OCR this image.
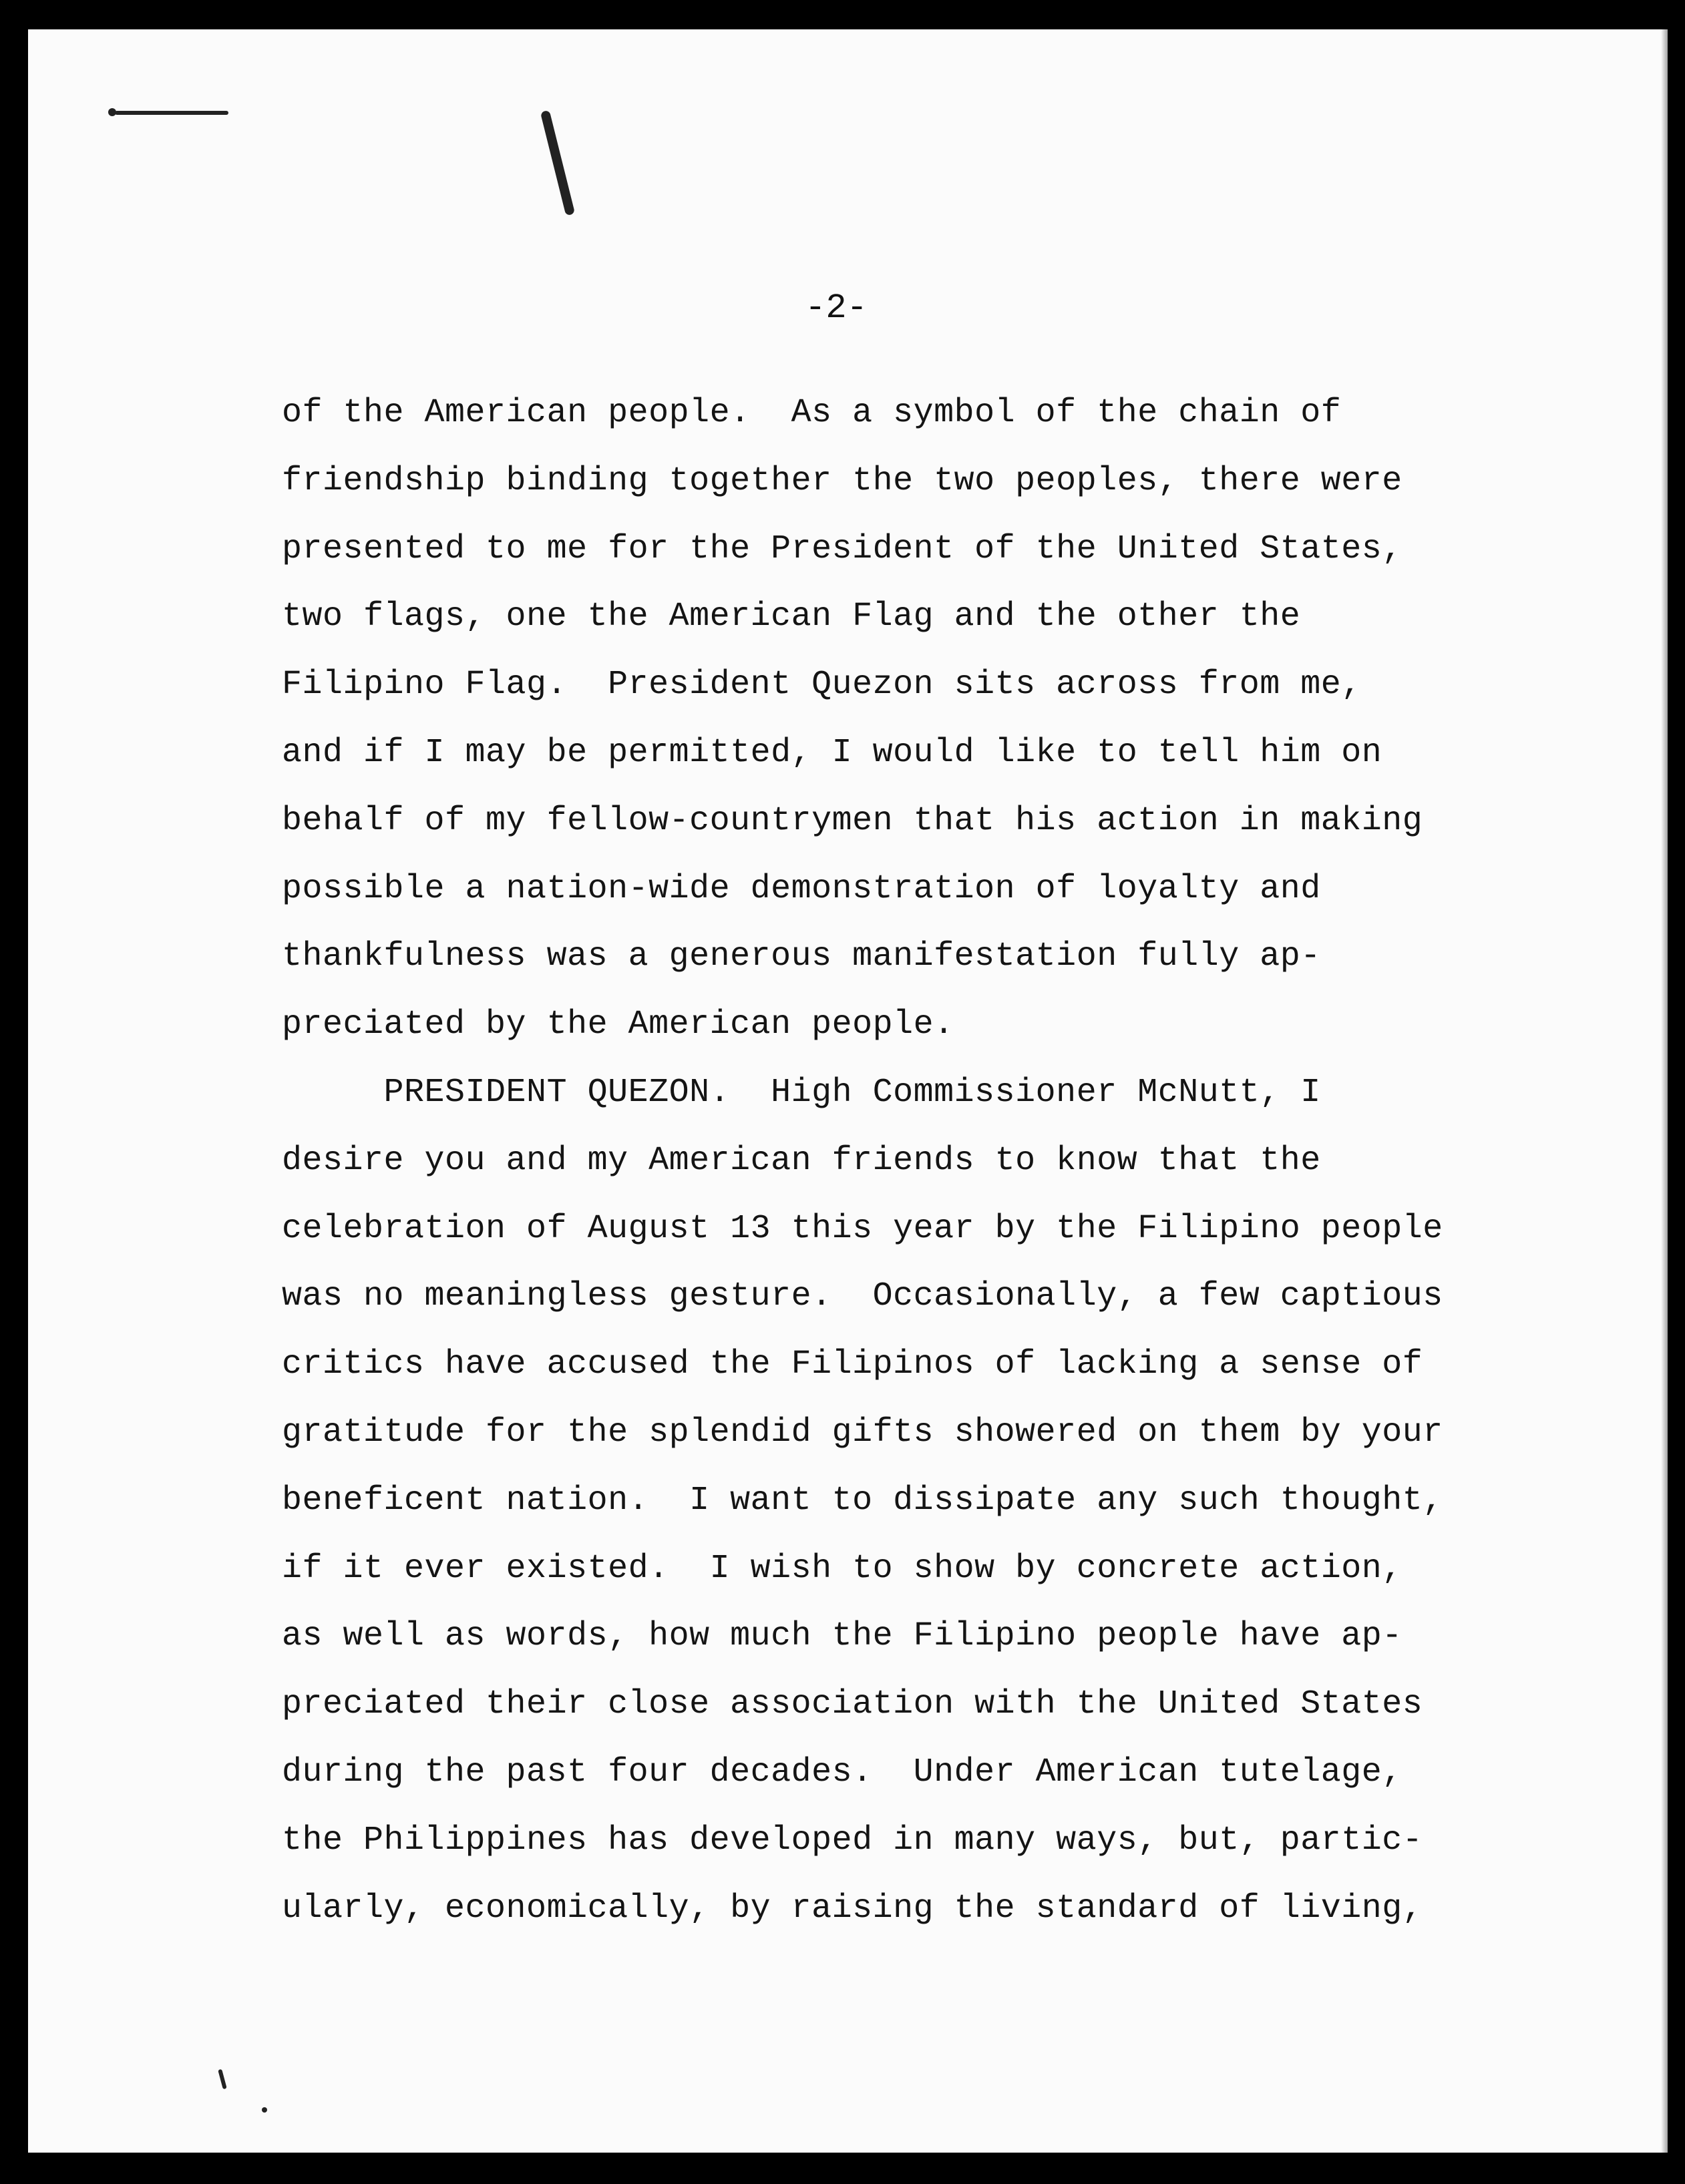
-2-
of the American people.  As a symbol of the chain of
friendship binding together the two peoples, there were
presented to me for the President of the United States,
two flags, one the American Flag and the other the
Filipino Flag.  President Quezon sits across from me,
and if I may be permitted, I would like to tell him on
behalf of my fellow-countrymen that his action in making
possible a nation-wide demonstration of loyalty and
thankfulness was a generous manifestation fully ap-
preciated by the American people.
PRESIDENT QUEZON.  High Commissioner McNutt, I
desire you and my American friends to know that the
celebration of August 13 this year by the Filipino people
was no meaningless gesture.  Occasionally, a few captious
critics have accused the Filipinos of lacking a sense of
gratitude for the splendid gifts showered on them by your
beneficent nation.  I want to dissipate any such thought,
if it ever existed.  I wish to show by concrete action,
as well as words, how much the Filipino people have ap-
preciated their close association with the United States
during the past four decades.  Under American tutelage,
the Philippines has developed in many ways, but, partic-
ularly, economically, by raising the standard of living,
